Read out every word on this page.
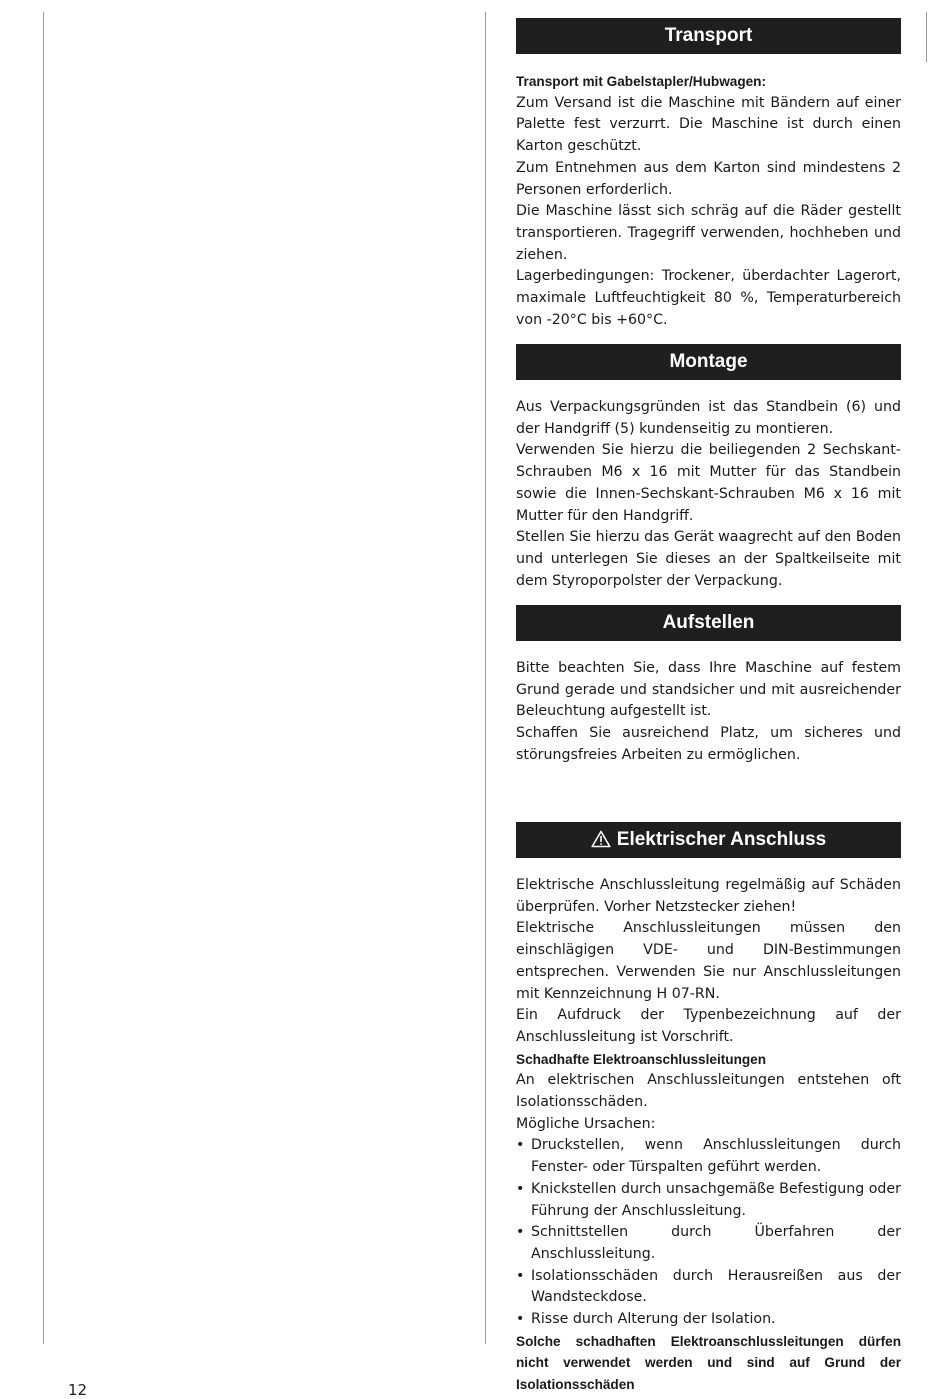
Transport

Transport mit Gabelstapler/Hubwagen:

Zum Versand ist die Maschine mit Bändern auf einer Palette fest verzurrt. Die Maschine ist durch einen Karton geschützt.

Zum Entnehmen aus dem Karton sind mindestens 2 Personen erforderlich.

Die Maschine lässt sich schräg auf die Räder gestellt transportieren. Tragegriff verwenden, hochheben und ziehen.

Lagerbedingungen: Trockener, überdachter Lagerort, maximale Luftfeuchtigkeit 80 %, Temperaturbereich von -20°C bis +60°C.

Montage

Aus Verpackungsgründen ist das Standbein (6) und der Handgriff (5) kundenseitig zu montieren.

Verwenden Sie hierzu die beiliegenden 2 Sechskant-Schrauben M6 x 16 mit Mutter für das Standbein sowie die Innen-Sechskant-Schrauben M6 x 16 mit Mutter für den Handgriff.

Stellen Sie hierzu das Gerät waagrecht auf den Boden und unterlegen Sie dieses an der Spaltkeilseite mit dem Styroporpolster der Verpackung.

Aufstellen

Bitte beachten Sie, dass Ihre Maschine auf festem Grund gerade und standsicher und mit ausreichender Beleuchtung aufgestellt ist.

Schaffen Sie ausreichend Platz, um sicheres und störungsfreies Arbeiten zu ermöglichen.

Elektrischer Anschluss

Elektrische Anschlussleitung regelmäßig auf Schäden überprüfen. Vorher Netzstecker ziehen!

Elektrische Anschlussleitungen müssen den einschlägigen VDE- und DIN-Bestimmungen entsprechen. Verwenden Sie nur Anschlussleitungen mit Kennzeichnung H 07-RN.

Ein Aufdruck der Typenbezeichnung auf der Anschlussleitung ist Vorschrift.

Schadhafte Elektroanschlussleitungen

An elektrischen Anschlussleitungen entstehen oft Isolationsschäden.

Mögliche Ursachen:

• Druckstellen, wenn Anschlussleitungen durch Fenster- oder Türspalten geführt werden.

• Knickstellen durch unsachgemäße Befestigung oder Führung der Anschlussleitung.

• Schnittstellen durch Überfahren der Anschlussleitung.

• Isolationsschäden durch Herausreißen aus der Wandsteckdose.

• Risse durch Alterung der Isolation.

Solche schadhaften Elektroanschlussleitungen dürfen nicht verwendet werden und sind auf Grund der Isolationsschäden

12
